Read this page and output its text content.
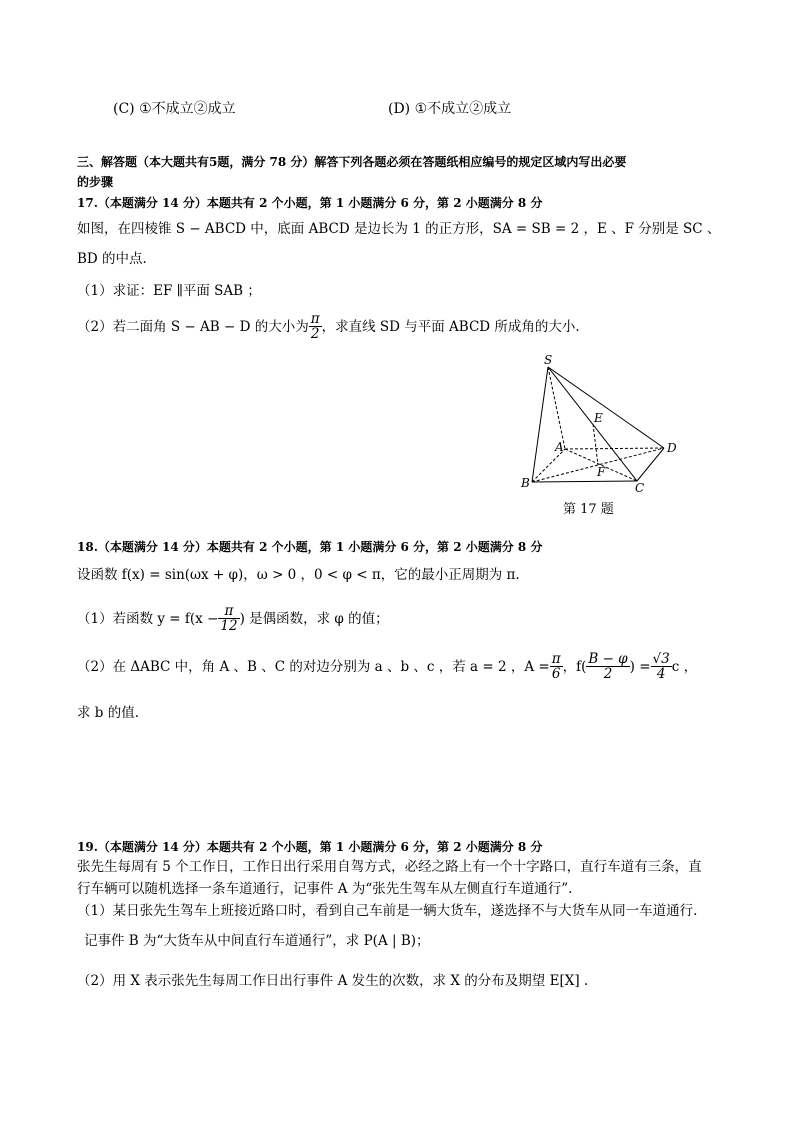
(C) ①不成立②成立	(D) ①不成立②成立
三、解答题（本大题共有5题，满分 78 分）解答下列各题必须在答题纸相应编号的规定区域内写出必要
的步骤
17.（本题满分 14 分）本题共有 2 个小题，第 1 小题满分 6 分，第 2 小题满分 8 分
如图，在四棱锥 S − ABCD 中，底面 ABCD 是边长为 1 的正方形，SA = SB = 2 ，E 、F 分别是 SC 、
BD 的中点.
（1）求证：EF ∥平面 SAB ；
（2）若二面角 S − AB − D 的大小为 $\frac{\pi}{2}$ ，求直线 SD 与平面 ABCD 所成角的大小.
S
E
A	D
F
B	C
第 17 题
18.（本题满分 14 分）本题共有 2 个小题，第 1 小题满分 6 分，第 2 小题满分 8 分
设函数 f(x) = sin(ωx + φ)，ω > 0 ，0 < φ < π，它的最小正周期为 π.
（1）若函数 $y = f(x - \frac{\pi}{12}$ ) 是偶函数，求 φ 的值；
（2）在 ΔABC 中，角 A 、B 、C 的对边分别为 a 、b 、c ，若 a = 2 ，$A = \frac{\pi}{6}$ ，$f( \frac{B - \varphi}{2}$ ) = $\frac{√3}{4}$ c ，
求 b 的值.
19.（本题满分 14 分）本题共有 2 个小题，第 1 小题满分 6 分，第 2 小题满分 8 分
张先生每周有 5 个工作日，工作日出行采用自驾方式，必经之路上有一个十字路口，直行车道有三条，直
行车辆可以随机选择一条车道通行，记事件 A 为“张先生驾车从左侧直行车道通行”.
（1）某日张先生驾车上班接近路口时，看到自己车前是一辆大货车，遂选择不与大货车从同一车道通行.
记事件 B 为“大货车从中间直行车道通行”，求 P(A | B)；
（2）用 X 表示张先生每周工作日出行事件 A 发生的次数，求 X 的分布及期望 E[X] .
